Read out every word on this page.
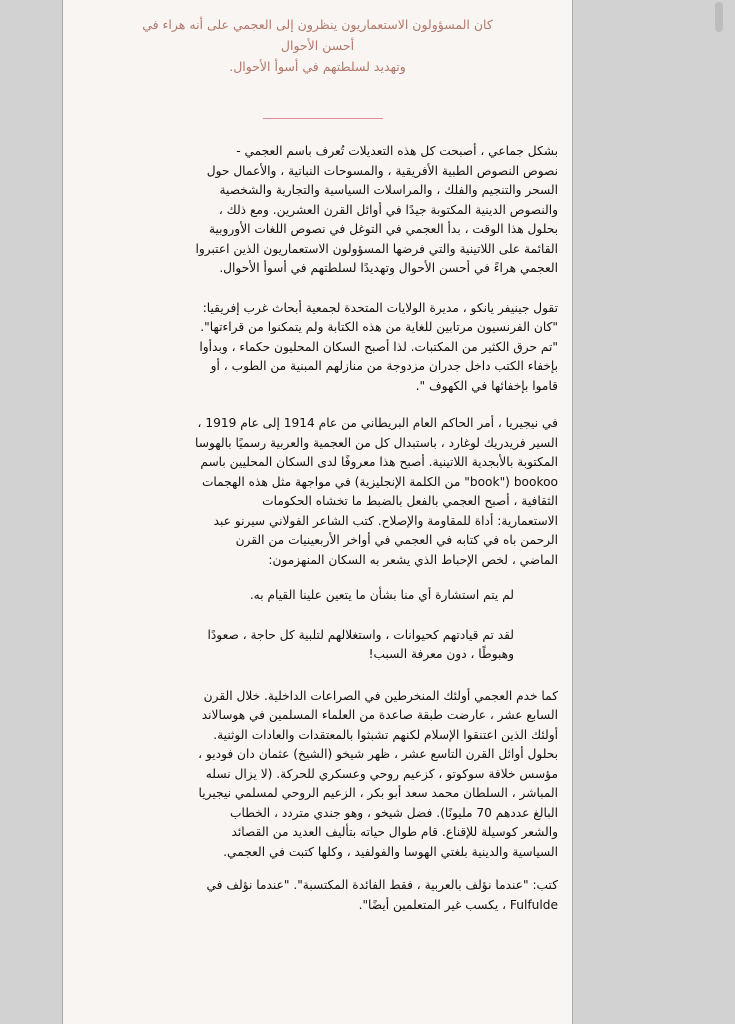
كان المسؤولون الاستعماريون ينظرون إلى العجمي على أنه هراء في
أحسن الأحوال
وتهديد لسلطتهم في أسوأ الأحوال.
بشكل جماعي ، أصبحت كل هذه التعديلات تُعرف باسم العجمي -
نصوص النصوص الطبية الأفريقية ، والمسوحات النباتية ، والأعمال حول
السحر والتنجيم والفلك ، والمراسلات السياسية والتجارية والشخصية
والنصوص الدينية المكتوبة جيدًا في أوائل القرن العشرين. ومع ذلك ،
بحلول هذا الوقت ، بدأ العجمي في التوغل في نصوص اللغات الأوروبية
القائمة على اللاتينية والتي فرضها المسؤولون الاستعماريون الذين اعتبروا
العجمي هراءً في أحسن الأحوال وتهديدًا لسلطتهم في أسوأ الأحوال.
تقول جينيفر يانكو ، مديرة الولايات المتحدة لجمعية أبحاث غرب إفريقيا:
"كان الفرنسيون مرتابين للغاية من هذه الكتابة ولم يتمكنوا من قراءتها".
"تم حرق الكثير من المكتبات. لذا أصبح السكان المحليون حكماء ، وبدأوا
بإخفاء الكتب داخل جدران مزدوجة من منازلهم المبنية من الطوب ، أو
قاموا بإخفائها في الكهوف ".
في نيجيريا ، أمر الحاكم العام البريطاني من عام 1914 إلى عام 1919 ،
السير فريدريك لوغارد ، باستبدال كل من العجمية والعربية رسميًا بالهوسا
المكتوبة بالأبجدية اللاتينية. أصبح هذا معروفًا لدى السكان المحليين باسم
bookoo ("book" من الكلمة الإنجليزية) في مواجهة مثل هذه الهجمات
الثقافية ، أصبح العجمي بالفعل بالضبط ما تخشاه الحكومات
الاستعمارية: أداة للمقاومة والإصلاح. كتب الشاعر الفولاني سيرنو عبد
الرحمن باه في كتابه في العجمي في أواخر الأربعينيات من القرن
الماضي ، لخص الإحباط الذي يشعر به السكان المنهزمون:
لم يتم استشارة أي منا بشأن ما يتعين علينا القيام به.
لقد تم قيادتهم كحيوانات ، واستغلالهم لتلبية كل حاجة ، صعودًا
وهبوطًا ، دون معرفة السبب!
كما خدم العجمي أولئك المنخرطين في الصراعات الداخلية. خلال القرن
السابع عشر ، عارضت طبقة صاعدة من العلماء المسلمين في هوسالاند
أولئك الذين اعتنقوا الإسلام لكنهم تشبثوا بالمعتقدات والعادات الوثنية.
بحلول أوائل القرن التاسع عشر ، ظهر شيخو (الشيخ) عثمان دان فوديو ،
مؤسس خلافة سوكوتو ، كزعيم روحي وعسكري للحركة. (لا يزال نسله
المباشر ، السلطان محمد سعد أبو بكر ، الزعيم الروحي لمسلمي نيجيريا
البالغ عددهم 70 مليونًا). فضل شيخو ، وهو جندي متردد ، الخطاب
والشعر كوسيلة للإقناع. قام طوال حياته بتأليف العديد من القصائد
السياسية والدينية بلغتي الهوسا والفولفيد ، وكلها كتبت في العجمي.
كتب: "عندما نؤلف بالعربية ، فقط الفائدة المكتسبة". "عندما نؤلف في
Fulfulde ، يكسب غير المتعلمين أيضًا".
